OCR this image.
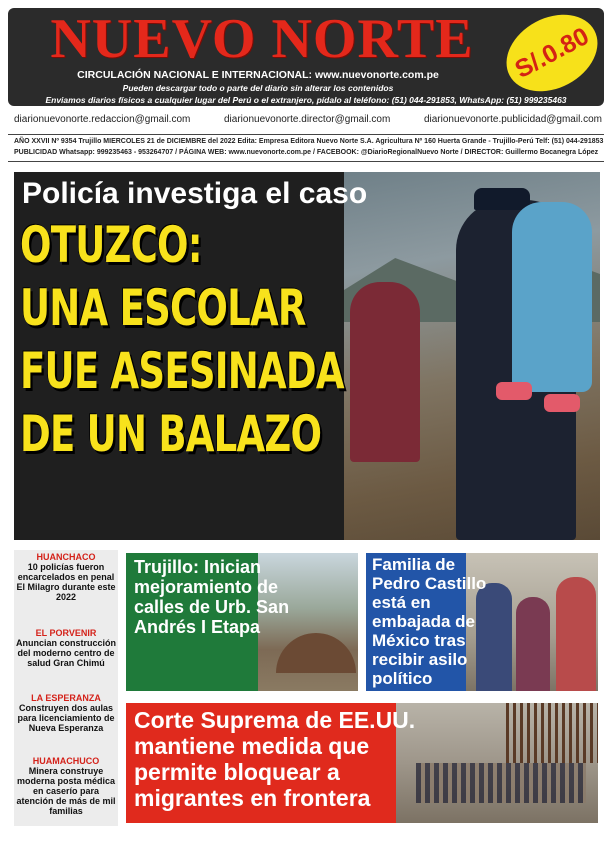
NUEVO NORTE
CIRCULACIÓN NACIONAL E INTERNACIONAL: www.nuevonorte.com.pe
Pueden descargar todo o parte del diario sin alterar los contenidos
Enviamos diarios físicos a cualquier lugar del Perú o el extranjero, pídalo al teléfono: (51) 044-291853, WhatsApp: (51) 999235463
S/.0.80
diarionuevonorte.redaccion@gmail.com	diarionuevonorte.director@gmail.com	diarionuevonorte.publicidad@gmail.com
AÑO XXVII Nº 9354 Trujillo MIERCOLES 21 de DICIEMBRE del 2022 Edita: Empresa Editora Nuevo Norte S.A. Agricultura Nº 160 Huerta Grande - Trujillo-Perú Telf: (51) 044-291853
PUBLICIDAD Whatsapp: 999235463 - 953264707 / PÁGINA WEB: www.nuevonorte.com.pe / FACEBOOK: @DiarioRegionalNuevo Norte / DIRECTOR: Guillermo Bocanegra López
Policía investiga el caso
OTUZCO:
UNA ESCOLAR
FUE ASESINADA
DE UN BALAZO
HUANCHACO
10 policías fueron encarcelados en penal El Milagro durante este 2022
EL PORVENIR
Anuncian construcción del moderno centro de salud Gran Chimú
LA ESPERANZA
Construyen dos aulas para licenciamiento de Nueva Esperanza
HUAMACHUCO
Minera construye moderna posta médica en caserío para atención de más de mil familias
Trujillo: Inician mejoramiento de calles de Urb. San Andrés I Etapa
Familia de Pedro Castillo está en embajada de México tras recibir asilo político
Corte Suprema de EE.UU.
mantiene medida que
permite bloquear a
migrantes en frontera
